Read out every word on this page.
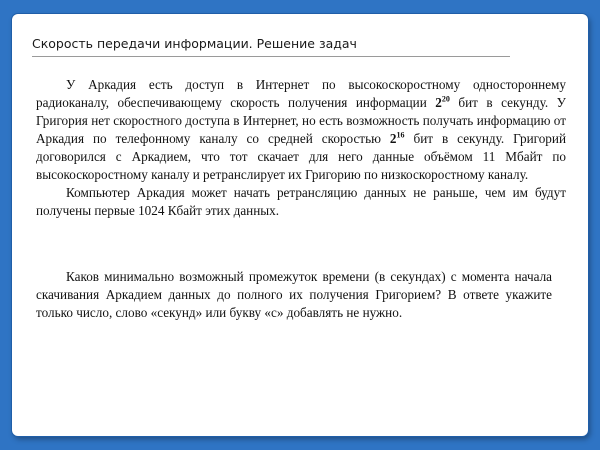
Скорость передачи информации. Решение задач

У Аркадия есть доступ в Интернет по высокоскоростному одностороннему радиоканалу, обеспечивающему скорость получения информации $2^{20}$ бит в секунду. У Григория нет скоростного доступа в Интернет, но есть возможность получать информацию от Аркадия по телефонному каналу со средней скоростью $2^{16}$ бит в секунду. Григорий договорился с Аркадием, что тот скачает для него данные объёмом 11 Мбайт по высокоскоростному каналу и ретранслирует их Григорию по низкоскоростному каналу.

Компьютер Аркадия может начать ретрансляцию данных не раньше, чем им будут получены первые 1024 Кбайт этих данных.

Каков минимально возможный промежуток времени (в секундах) с момента начала скачивания Аркадием данных до полного их получения Григорием? В ответе укажите только число, слово «секунд» или букву «с» добавлять не нужно.
